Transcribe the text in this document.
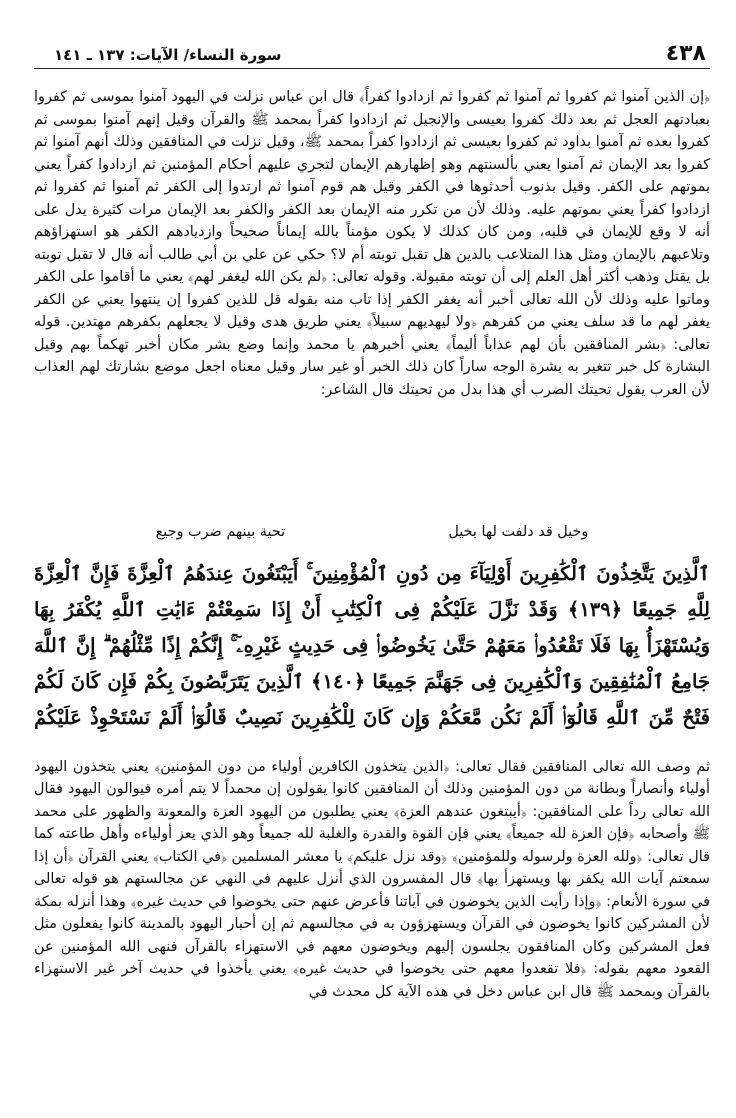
٤٣٨
سورة النساء/ الآيات: ١٣٧ ـ ١٤١

﴿إن الذين آمنوا ثم كفروا ثم آمنوا ثم كفروا ثم ازدادوا كفراً﴾ قال ابن عباس نزلت في اليهود آمنوا بموسى ثم كفروا بعبادتهم العجل ثم بعد ذلك كفروا بعيسى والإنجيل ثم ازدادوا كفراً بمحمد ﷺ والقرآن وقيل إنهم آمنوا بموسى ثم كفروا بعده ثم آمنوا بداود ثم كفروا بعيسى ثم ازدادوا كفراً بمحمد ﷺ، وقيل نزلت في المنافقين وذلك أنهم آمنوا ثم كفروا بعد الإيمان ثم آمنوا يعني بألسنتهم وهو إظهارهم الإيمان لتجري عليهم أحكام المؤمنين ثم ازدادوا كفراً يعني بموتهم على الكفر. وقيل بذنوب أحدثوها في الكفر وقيل هم قوم آمنوا ثم ارتدوا إلى الكفر ثم آمنوا ثم كفروا ثم ازدادوا كفراً يعني بموتهم عليه. وذلك لأن من تكرر منه الإيمان بعد الكفر والكفر بعد الإيمان مرات كثيرة يدل على أنه لا وقع للإيمان في قلبه، ومن كان كذلك لا يكون مؤمناً بالله إيماناً صحيحاً وازديادهم الكفر هو استهزاؤهم وتلاعبهم بالإيمان ومثل هذا المتلاعب بالدين هل تقبل توبته أم لا؟ حكي عن علي بن أبي طالب أنه قال لا تقبل توبته بل يقتل وذهب أكثر أهل العلم إلى أن توبته مقبولة. وقوله تعالى: ﴿لم يكن الله ليغفر لهم﴾ يعني ما أقاموا على الكفر وماتوا عليه وذلك لأن الله تعالى أخبر أنه يغفر الكفر إذا تاب منه بقوله قل للذين كفروا إن ينتهوا يعني عن الكفر يغفر لهم ما قد سلف يعني من كفرهم ﴿ولا ليهديهم سبيلاً﴾ يعني طريق هدى وقيل لا يجعلهم بكفرهم مهتدين. قوله تعالى: ﴿بشر المنافقين بأن لهم عذاباً أليماً﴾ يعني أخبرهم يا محمد وإنما وضع بشر مكان أخبر تهكماً بهم وقيل البشارة كل خبر تتغير به بشرة الوجه ساراً كان ذلك الخبر أو غير سار وقيل معناه اجعل موضع بشارتك لهم العذاب لأن العرب يقول تحيتك الضرب أي هذا بدل من تحيتك قال الشاعر:

وخيل قد دلفت لها بخيل
تحية بينهم ضرب وجيع

ٱلَّذِينَ يَتَّخِذُونَ ٱلْكَٰفِرِينَ أَوْلِيَآءَ مِن دُونِ ٱلْمُؤْمِنِينَ ۚ أَيَبْتَغُونَ عِندَهُمُ ٱلْعِزَّةَ فَإِنَّ ٱلْعِزَّةَ لِلَّهِ جَمِيعًا ﴿١٣٩﴾ وَقَدْ نَزَّلَ عَلَيْكُمْ فِى ٱلْكِتَٰبِ أَنْ إِذَا سَمِعْتُمْ ءَايَٰتِ ٱللَّهِ يُكْفَرُ بِهَا وَيُسْتَهْزَأُ بِهَا فَلَا تَقْعُدُوا۟ مَعَهُمْ حَتَّىٰ يَخُوضُوا۟ فِى حَدِيثٍ غَيْرِهِۦٓ ۚ إِنَّكُمْ إِذًا مِّثْلُهُمْ ۗ إِنَّ ٱللَّهَ جَامِعُ ٱلْمُنَٰفِقِينَ وَٱلْكَٰفِرِينَ فِى جَهَنَّمَ جَمِيعًا ﴿١٤٠﴾ ٱلَّذِينَ يَتَرَبَّصُونَ بِكُمْ فَإِن كَانَ لَكُمْ فَتْحٌ مِّنَ ٱللَّهِ قَالُوٓا۟ أَلَمْ نَكُن مَّعَكُمْ وَإِن كَانَ لِلْكَٰفِرِينَ نَصِيبٌ قَالُوٓا۟ أَلَمْ نَسْتَحْوِذْ عَلَيْكُمْ

ثم وصف الله تعالى المنافقين فقال تعالى: ﴿الذين يتخذون الكافرين أولياء من دون المؤمنين﴾ يعني يتخذون اليهود أولياء وأنصاراً وبطانة من دون المؤمنين وذلك أن المنافقين كانوا يقولون إن محمداً لا يتم أمره فيوالون اليهود فقال الله تعالى رداً على المنافقين: ﴿أيبتغون عندهم العزة﴾ يعني يطلبون من اليهود العزة والمعونة والظهور على محمد ﷺ وأصحابه ﴿فإن العزة لله جميعاً﴾ يعني فإن القوة والقدرة والغلبة لله جميعاً وهو الذي يعز أولياءه وأهل طاعته كما قال تعالى: ﴿ولله العزة ولرسوله وللمؤمنين﴾ ﴿وقد نزل عليكم﴾ يا معشر المسلمين ﴿في الكتاب﴾ يعني القرآن ﴿أن إذا سمعتم آيات الله يكفر بها ويستهزأ بها﴾ قال المفسرون الذي أنزل عليهم في النهي عن مجالستهم هو قوله تعالى في سورة الأنعام: ﴿وإذا رأيت الذين يخوضون في آياتنا فأعرض عنهم حتى يخوضوا في حديث غيره﴾ وهذا أنزله بمكة لأن المشركين كانوا يخوضون في القرآن ويستهزؤون به في مجالسهم ثم إن أحبار اليهود بالمدينة كانوا يفعلون مثل فعل المشركين وكان المنافقون يجلسون إليهم ويخوضون معهم في الاستهزاء بالقرآن فنهى الله المؤمنين عن القعود معهم بقوله: ﴿فلا تقعدوا معهم حتى يخوضوا في حديث غيره﴾ يعني يأخذوا في حديث آخر غير الاستهزاء بالقرآن وبمحمد ﷺ قال ابن عباس دخل في هذه الآية كل محدث في
